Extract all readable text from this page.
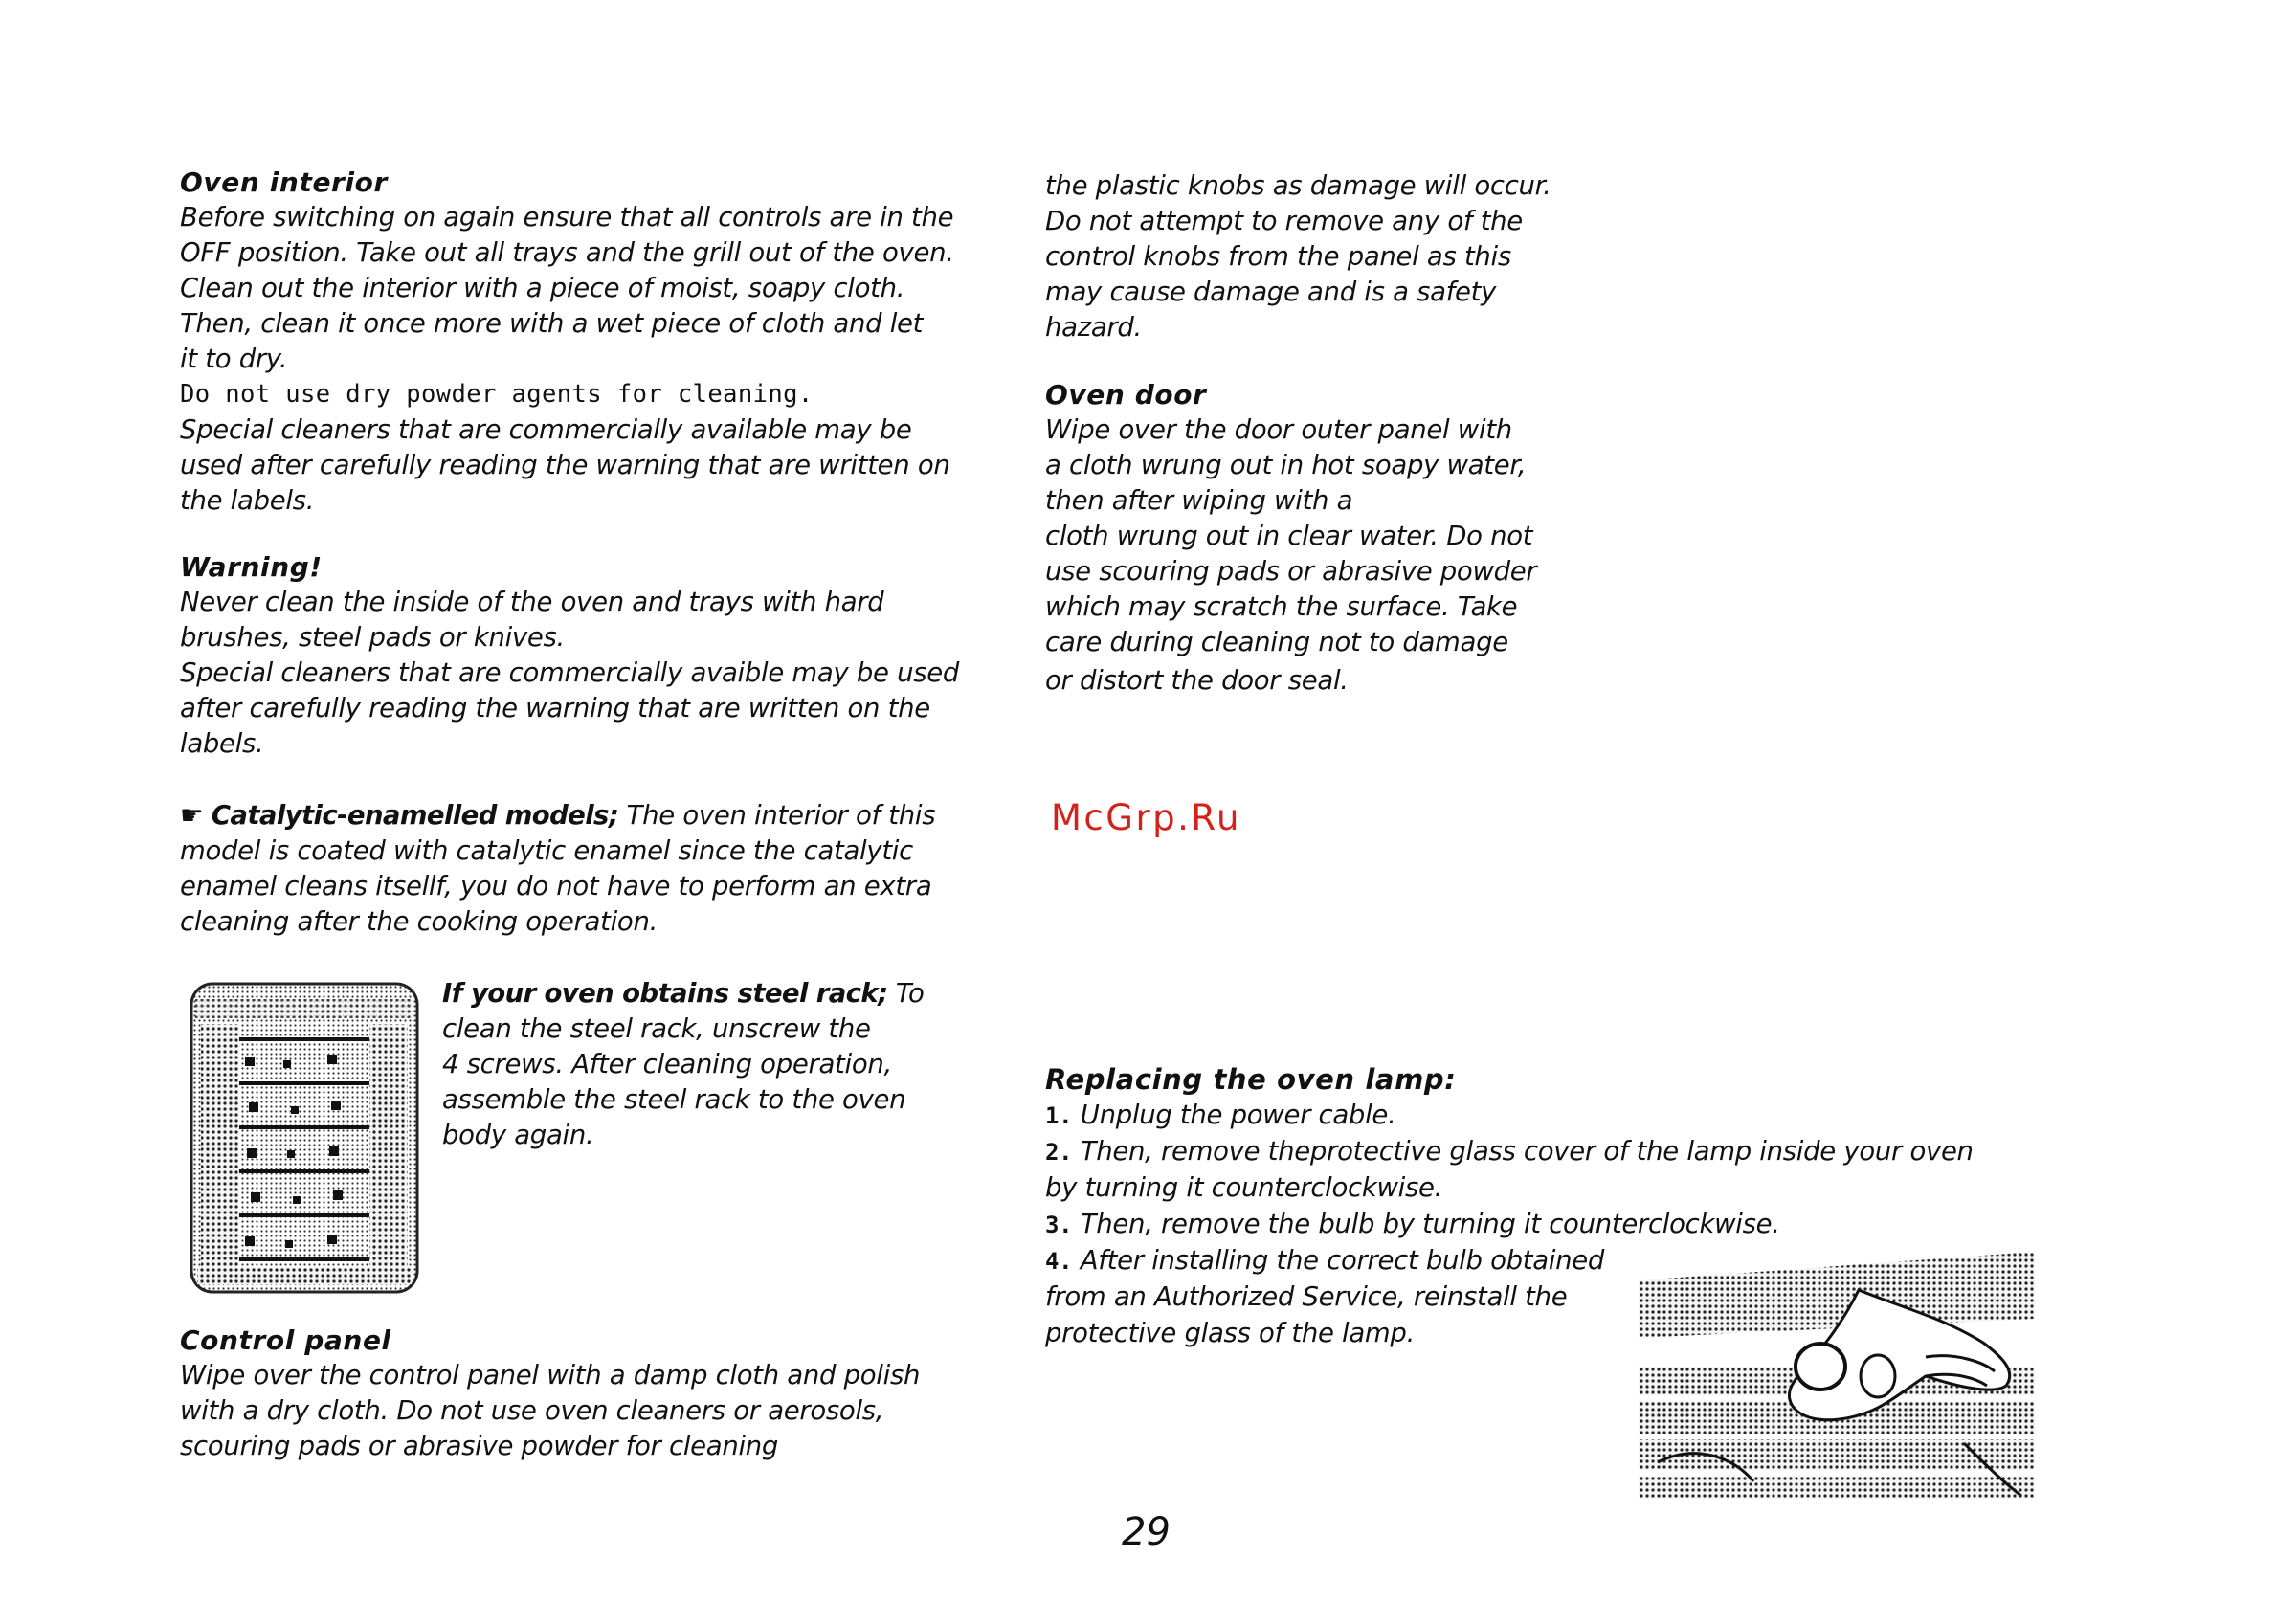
Oven interior

Before switching on again ensure that all controls are in the

OFF position. Take out all trays and the grill out of the oven.

Clean out the interior with a piece of moist, soapy cloth.

Then, clean it once more with a wet piece of cloth and let

it to dry.

Do not use dry powder agents for cleaning.

Special cleaners that are commercially available may be

used after carefully reading the warning that are written on

the labels.

Warning!

Never clean the inside of the oven and trays with hard

brushes, steel pads or knives.

Special cleaners that are commercially avaible may be used

after carefully reading the warning that are written on the

labels.

☛ Catalytic-enamelled models; The oven interior of this

model is coated with catalytic enamel since the catalytic

enamel cleans itsellf, you do not have to perform an extra

cleaning after the cooking operation.

If your oven obtains steel rack; To

clean the steel rack, unscrew the

4 screws. After cleaning operation,

assemble the steel rack to the oven

body again.

Control panel

Wipe over the control panel with a damp cloth and polish

with a dry cloth. Do not use oven cleaners or aerosols,

scouring pads or abrasive powder for cleaning

the plastic knobs as damage will occur.

Do not attempt to remove any of the

control knobs from the panel as this

may cause damage and is a safety

hazard.

Oven door

Wipe over the door outer panel with

a cloth wrung out in hot soapy water,

then after wiping with a

cloth wrung out in clear water. Do not

use scouring pads or abrasive powder

which may scratch the surface. Take

care during cleaning not to damage

or distort the door seal.

McGrp.Ru

Replacing the oven lamp:

1. Unplug the power cable.

2. Then, remove theprotective glass cover of the lamp inside your oven

by turning it counterclockwise.

3. Then, remove the bulb by turning it counterclockwise.

4. After installing the correct bulb obtained

from an Authorized Service, reinstall the

protective glass of the lamp.

29
